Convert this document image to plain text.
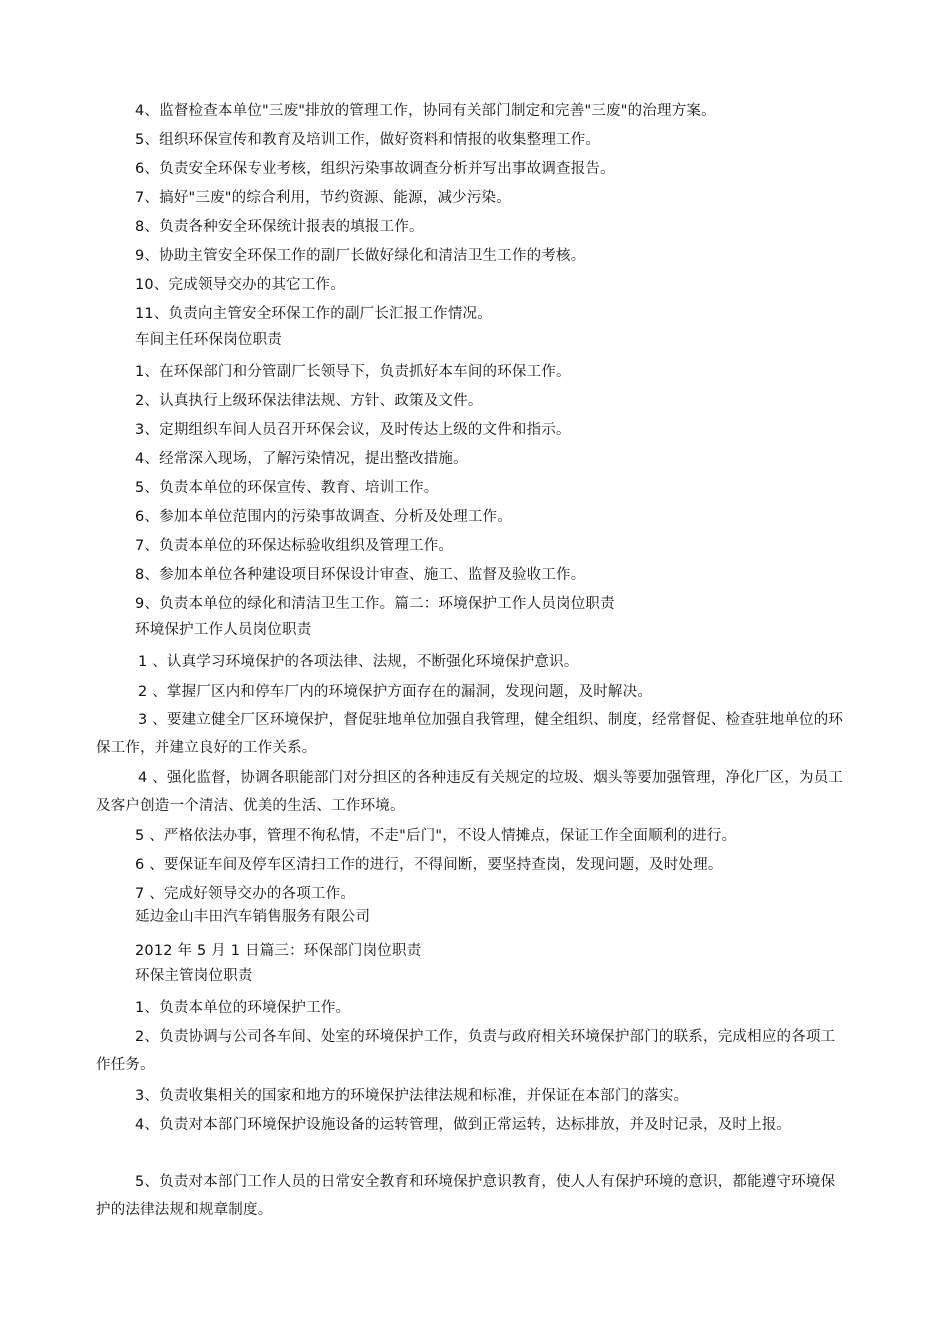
4、监督检查本单位"三废"排放的管理工作，协同有关部门制定和完善"三废"的治理方案。
5、组织环保宣传和教育及培训工作，做好资料和情报的收集整理工作。
6、负责安全环保专业考核，组织污染事故调查分析并写出事故调查报告。
7、搞好"三废"的综合利用，节约资源、能源，减少污染。
8、负责各种安全环保统计报表的填报工作。
9、协助主管安全环保工作的副厂长做好绿化和清洁卫生工作的考核。
10、完成领导交办的其它工作。
11、负责向主管安全环保工作的副厂长汇报工作情况。
车间主任环保岗位职责
1、在环保部门和分管副厂长领导下，负责抓好本车间的环保工作。
2、认真执行上级环保法律法规、方针、政策及文件。
3、定期组织车间人员召开环保会议，及时传达上级的文件和指示。
4、经常深入现场，了解污染情况，提出整改措施。
5、负责本单位的环保宣传、教育、培训工作。
6、参加本单位范围内的污染事故调查、分析及处理工作。
7、负责本单位的环保达标验收组织及管理工作。
8、参加本单位各种建设项目环保设计审查、施工、监督及验收工作。
9、负责本单位的绿化和清洁卫生工作。篇二：环境保护工作人员岗位职责
环境保护工作人员岗位职责
1 、认真学习环境保护的各项法律、法规，不断强化环境保护意识。
2 、掌握厂区内和停车厂内的环境保护方面存在的漏洞，发现问题，及时解决。
3 、要建立健全厂区环境保护，督促驻地单位加强自我管理，健全组织、制度，经常督促、检查驻地单位的环保工作，并建立良好的工作关系。
4 、强化监督，协调各职能部门对分担区的各种违反有关规定的垃圾、烟头等要加强管理，净化厂区，为员工及客户创造一个清洁、优美的生活、工作环境。
5 、严格依法办事，管理不徇私情，不走"后门"，不设人情摊点，保证工作全面顺利的进行。
6 、要保证车间及停车区清扫工作的进行，不得间断，要坚持查岗，发现问题，及时处理。
7 、完成好领导交办的各项工作。
延边金山丰田汽车销售服务有限公司
2012 年 5 月 1 日篇三：环保部门岗位职责
环保主管岗位职责
1、负责本单位的环境保护工作。
2、负责协调与公司各车间、处室的环境保护工作，负责与政府相关环境保护部门的联系，完成相应的各项工作任务。
3、负责收集相关的国家和地方的环境保护法律法规和标准，并保证在本部门的落实。
4、负责对本部门环境保护设施设备的运转管理，做到正常运转，达标排放，并及时记录，及时上报。
5、负责对本部门工作人员的日常安全教育和环境保护意识教育，使人人有保护环境的意识，都能遵守环境保护的法律法规和规章制度。
